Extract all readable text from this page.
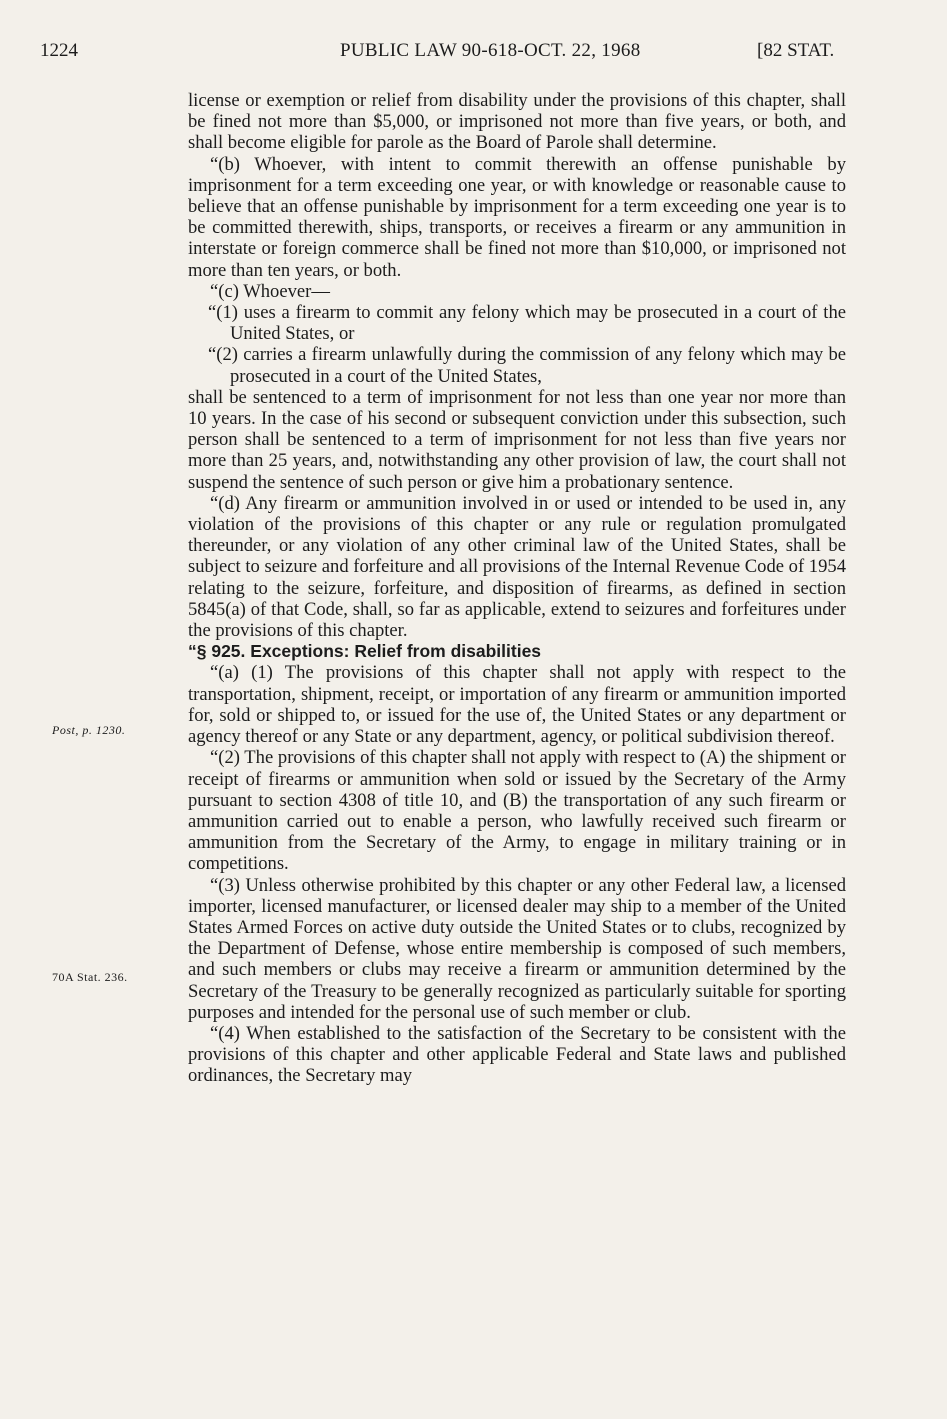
1224	PUBLIC LAW 90-618-OCT. 22, 1968	[82 STAT.
Post, p. 1230.
70A Stat. 236.

license or exemption or relief from disability under the provisions of this chapter, shall be fined not more than $5,000, or imprisoned not more than five years, or both, and shall become eligible for parole as the Board of Parole shall determine.

“(b) Whoever, with intent to commit therewith an offense punishable by imprisonment for a term exceeding one year, or with knowledge or reasonable cause to believe that an offense punishable by imprisonment for a term exceeding one year is to be committed therewith, ships, transports, or receives a firearm or any ammunition in interstate or foreign commerce shall be fined not more than $10,000, or imprisoned not more than ten years, or both.

“(c) Whoever—

“(1) uses a firearm to commit any felony which may be prosecuted in a court of the United States, or

“(2) carries a firearm unlawfully during the commission of any felony which may be prosecuted in a court of the United States,

shall be sentenced to a term of imprisonment for not less than one year nor more than 10 years. In the case of his second or subsequent conviction under this subsection, such person shall be sentenced to a term of imprisonment for not less than five years nor more than 25 years, and, notwithstanding any other provision of law, the court shall not suspend the sentence of such person or give him a probationary sentence.

“(d) Any firearm or ammunition involved in or used or intended to be used in, any violation of the provisions of this chapter or any rule or regulation promulgated thereunder, or any violation of any other criminal law of the United States, shall be subject to seizure and forfeiture and all provisions of the Internal Revenue Code of 1954 relating to the seizure, forfeiture, and disposition of firearms, as defined in section 5845(a) of that Code, shall, so far as applicable, extend to seizures and forfeitures under the provisions of this chapter.

“§ 925. Exceptions: Relief from disabilities

“(a) (1) The provisions of this chapter shall not apply with respect to the transportation, shipment, receipt, or importation of any firearm or ammunition imported for, sold or shipped to, or issued for the use of, the United States or any department or agency thereof or any State or any department, agency, or political subdivision thereof.

“(2) The provisions of this chapter shall not apply with respect to (A) the shipment or receipt of firearms or ammunition when sold or issued by the Secretary of the Army pursuant to section 4308 of title 10, and (B) the transportation of any such firearm or ammunition carried out to enable a person, who lawfully received such firearm or ammunition from the Secretary of the Army, to engage in military training or in competitions.

“(3) Unless otherwise prohibited by this chapter or any other Federal law, a licensed importer, licensed manufacturer, or licensed dealer may ship to a member of the United States Armed Forces on active duty outside the United States or to clubs, recognized by the Department of Defense, whose entire membership is composed of such members, and such members or clubs may receive a firearm or ammunition determined by the Secretary of the Treasury to be generally recognized as particularly suitable for sporting purposes and intended for the personal use of such member or club.

“(4) When established to the satisfaction of the Secretary to be consistent with the provisions of this chapter and other applicable Federal and State laws and published ordinances, the Secretary may
